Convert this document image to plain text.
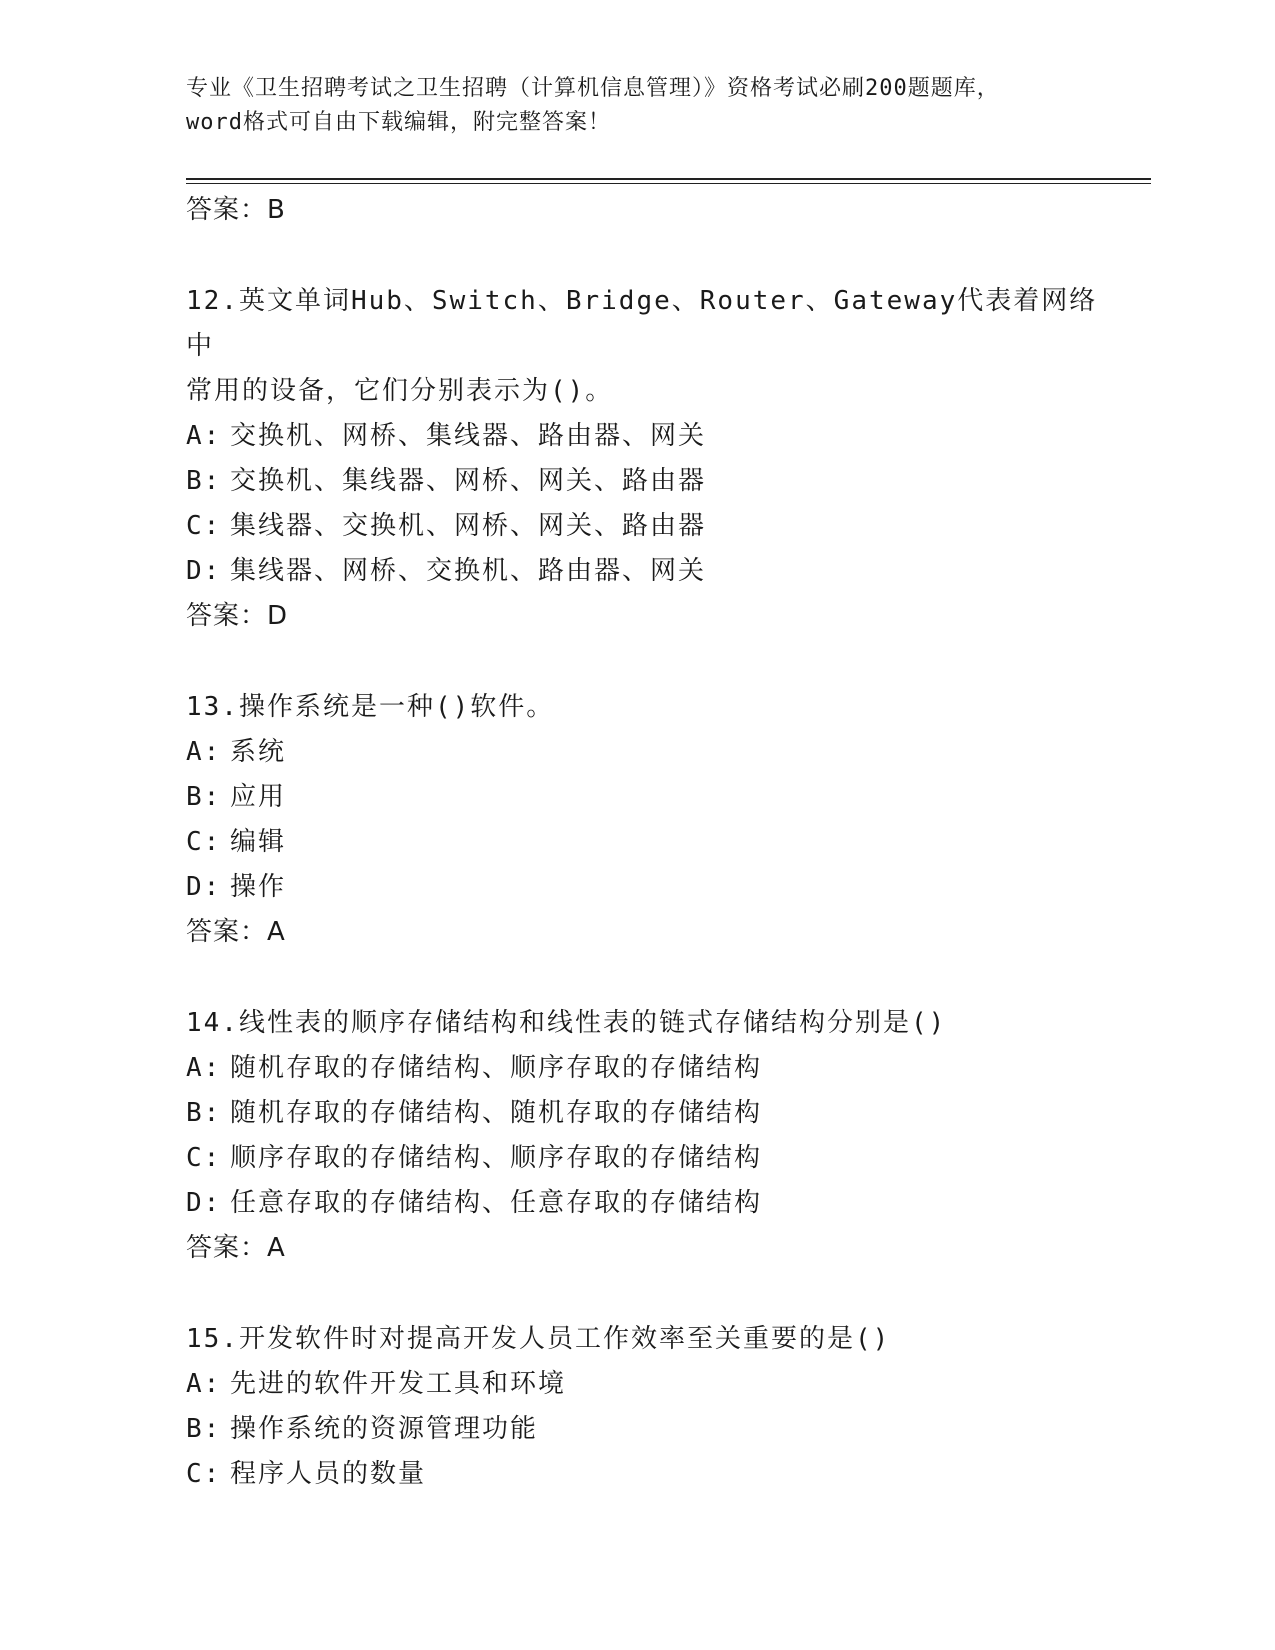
专业《卫生招聘考试之卫生招聘（计算机信息管理）》资格考试必刷200题题库，
word格式可自由下载编辑，附完整答案！
答案：B
12.英文单词Hub、Switch、Bridge、Router、Gateway代表着网络中
常用的设备，它们分别表示为()。
A: 交换机、网桥、集线器、路由器、网关
B: 交换机、集线器、网桥、网关、路由器
C: 集线器、交换机、网桥、网关、路由器
D: 集线器、网桥、交换机、路由器、网关
答案：D
13.操作系统是一种()软件。
A: 系统
B: 应用
C: 编辑
D: 操作
答案：A
14.线性表的顺序存储结构和线性表的链式存储结构分别是()
A: 随机存取的存储结构、顺序存取的存储结构
B: 随机存取的存储结构、随机存取的存储结构
C: 顺序存取的存储结构、顺序存取的存储结构
D: 任意存取的存储结构、任意存取的存储结构
答案：A
15.开发软件时对提高开发人员工作效率至关重要的是()
A: 先进的软件开发工具和环境
B: 操作系统的资源管理功能
C: 程序人员的数量
